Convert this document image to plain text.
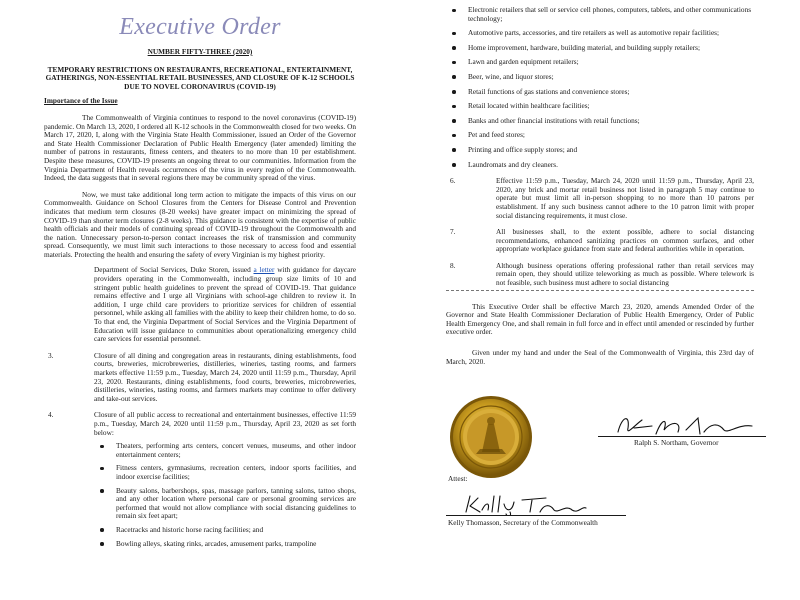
Executive Order
NUMBER FIFTY-THREE (2020)
TEMPORARY RESTRICTIONS ON RESTAURANTS, RECREATIONAL, ENTERTAINMENT, GATHERINGS, NON-ESSENTIAL RETAIL BUSINESSES, AND CLOSURE OF K-12 SCHOOLS DUE TO NOVEL CORONAVIRUS (COVID-19)
Importance of the Issue
The Commonwealth of Virginia continues to respond to the novel coronavirus (COVID-19) pandemic. On March 13, 2020, I ordered all K-12 schools in the Commonwealth closed for two weeks. On March 17, 2020, I, along with the Virginia State Health Commissioner, issued an Order of the Governor and State Health Commissioner Declaration of Public Health Emergency (later amended) limiting the number of patrons in restaurants, fitness centers, and theaters to no more than 10 per establishment. Despite these measures, COVID-19 presents an ongoing threat to our communities. Information from the Virginia Department of Health reveals occurrences of the virus in every region of the Commonwealth. Indeed, the data suggests that in several regions there may be community spread of the virus.
Now, we must take additional long term action to mitigate the impacts of this virus on our Commonwealth. Guidance on School Closures from the Centers for Disease Control and Prevention indicates that medium term closures (8-20 weeks) have greater impact on minimizing the spread of COVID-19 than shorter term closures (2-8 weeks). This guidance is consistent with the expertise of public health officials and their models of continuing spread of COVID-19 throughout the Commonwealth and the nation. Unnecessary person-to-person contact increases the risk of transmission and community spread. Consequently, we must limit such interactions to those necessary to access food and essential materials. Protecting the health and ensuring the safety of every Virginian is my highest priority.
Department of Social Services, Duke Storen, issued a letter with guidance for daycare providers operating in the Commonwealth, including group size limits of 10 and stringent public health guidelines to prevent the spread of COVID-19. That guidance remains effective and I urge all Virginians with school-age children to review it. In addition, I urge child care providers to prioritize services for children of essential personnel, while asking all families with the ability to keep their children home, to do so. To that end, the Virginia Department of Social Services and the Virginia Department of Education will issue guidance to communities about operationalizing emergency child care services for essential personnel.
3.	Closure of all dining and congregation areas in restaurants, dining establishments, food courts, breweries, microbreweries, distilleries, wineries, tasting rooms, and farmers markets effective 11:59 p.m., Tuesday, March 24, 2020 until 11:59 p.m., Thursday, April 23, 2020. Restaurants, dining establishments, food courts, breweries, microbreweries, distilleries, wineries, tasting rooms, and farmers markets may continue to offer delivery and take-out services.
4.	Closure of all public access to recreational and entertainment businesses, effective 11:59 p.m., Tuesday, March 24, 2020 until 11:59 p.m., Thursday, April 23, 2020 as set forth below:
Theaters, performing arts centers, concert venues, museums, and other indoor entertainment centers;
Fitness centers, gymnasiums, recreation centers, indoor sports facilities, and indoor exercise facilities;
Beauty salons, barbershops, spas, massage parlors, tanning salons, tattoo shops, and any other location where personal care or personal grooming services are performed that would not allow compliance with social distancing guidelines to remain six feet apart;
Racetracks and historic horse racing facilities; and
Bowling alleys, skating rinks, arcades, amusement parks, trampoline
Electronic retailers that sell or service cell phones, computers, tablets, and other communications technology;
Automotive parts, accessories, and tire retailers as well as automotive repair facilities;
Home improvement, hardware, building material, and building supply retailers;
Lawn and garden equipment retailers;
Beer, wine, and liquor stores;
Retail functions of gas stations and convenience stores;
Retail located within healthcare facilities;
Banks and other financial institutions with retail functions;
Pet and feed stores;
Printing and office supply stores; and
Laundromats and dry cleaners.
6.	Effective 11:59 p.m., Tuesday, March 24, 2020 until 11:59 p.m., Thursday, April 23, 2020, any brick and mortar retail business not listed in paragraph 5 may continue to operate but must limit all in-person shopping to no more than 10 patrons per establishment. If any such business cannot adhere to the 10 patron limit with proper social distancing requirements, it must close.
7.	All businesses shall, to the extent possible, adhere to social distancing recommendations, enhanced sanitizing practices on common surfaces, and other appropriate workplace guidance from state and federal authorities while in operation.
8.	Although business operations offering professional rather than retail services may remain open, they should utilize teleworking as much as possible. Where telework is not feasible, such business must adhere to social distancing
This Executive Order shall be effective March 23, 2020, amends Amended Order of the Governor and State Health Commissioner Declaration of Public Health Emergency, Order of Public Health Emergency One, and shall remain in full force and in effect until amended or rescinded by further executive order.
Given under my hand and under the Seal of the Commonwealth of Virginia, this 23rd day of March, 2020.
Ralph S. Northam, Governor
Attest:
Kelly Thomasson, Secretary of the Commonwealth
